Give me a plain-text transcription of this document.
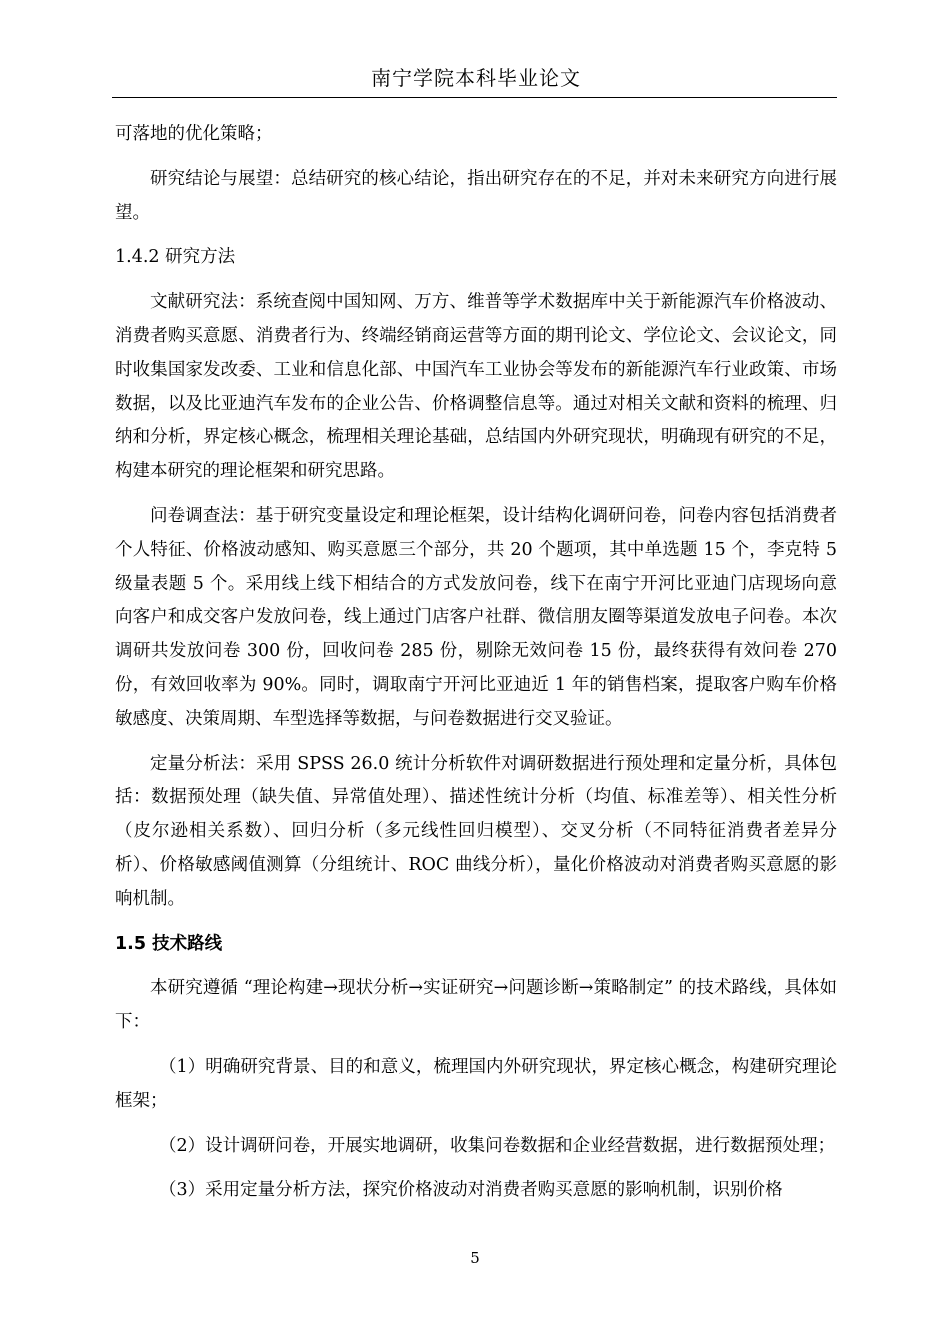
南宁学院本科毕业论文

可落地的优化策略；

研究结论与展望：总结研究的核心结论，指出研究存在的不足，并对未来研究方向进行展望。

1.4.2 研究方法

文献研究法：系统查阅中国知网、万方、维普等学术数据库中关于新能源汽车价格波动、消费者购买意愿、消费者行为、终端经销商运营等方面的期刊论文、学位论文、会议论文，同时收集国家发改委、工业和信息化部、中国汽车工业协会等发布的新能源汽车行业政策、市场数据，以及比亚迪汽车发布的企业公告、价格调整信息等。通过对相关文献和资料的梳理、归纳和分析，界定核心概念，梳理相关理论基础，总结国内外研究现状，明确现有研究的不足，构建本研究的理论框架和研究思路。

问卷调查法：基于研究变量设定和理论框架，设计结构化调研问卷，问卷内容包括消费者个人特征、价格波动感知、购买意愿三个部分，共 20 个题项，其中单选题 15 个，李克特 5 级量表题 5 个。采用线上线下相结合的方式发放问卷，线下在南宁开河比亚迪门店现场向意向客户和成交客户发放问卷，线上通过门店客户社群、微信朋友圈等渠道发放电子问卷。本次调研共发放问卷 300 份，回收问卷 285 份，剔除无效问卷 15 份，最终获得有效问卷 270 份，有效回收率为 90%。同时，调取南宁开河比亚迪近 1 年的销售档案，提取客户购车价格敏感度、决策周期、车型选择等数据，与问卷数据进行交叉验证。

定量分析法：采用 SPSS 26.0 统计分析软件对调研数据进行预处理和定量分析，具体包括：数据预处理（缺失值、异常值处理）、描述性统计分析（均值、标准差等）、相关性分析（皮尔逊相关系数）、回归分析（多元线性回归模型）、交叉分析（不同特征消费者差异分析）、价格敏感阈值测算（分组统计、ROC 曲线分析），量化价格波动对消费者购买意愿的影响机制。

1.5 技术路线

本研究遵循 “理论构建→现状分析→实证研究→问题诊断→策略制定” 的技术路线，具体如下：

（1）明确研究背景、目的和意义，梳理国内外研究现状，界定核心概念，构建研究理论框架；

（2）设计调研问卷，开展实地调研，收集问卷数据和企业经营数据，进行数据预处理；

（3）采用定量分析方法，探究价格波动对消费者购买意愿的影响机制，识别价格

5
